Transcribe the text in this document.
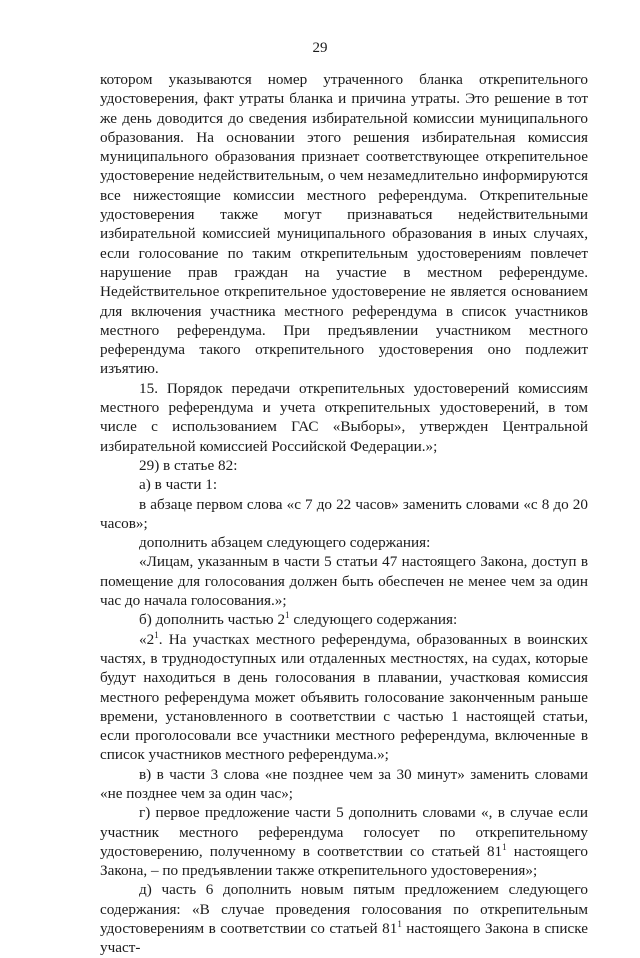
29

котором указываются номер утраченного бланка открепительного удостоверения, факт утраты бланка и причина утраты. Это решение в тот же день доводится до сведения избирательной комиссии муниципального образования. На основании этого решения избирательная комиссия муниципального образования признает соответствующее открепительное удостоверение недействительным, о чем незамедлительно информируются все нижестоящие комиссии местного референдума. Открепительные удостоверения также могут признаваться недействительными избирательной комиссией муниципального образования в иных случаях, если голосование по таким открепительным удостоверениям повлечет нарушение прав граждан на участие в местном референдуме. Недействительное открепительное удостоверение не является основанием для включения участника местного референдума в список участников местного референдума. При предъявлении участником местного референдума такого открепительного удостоверения оно подлежит изъятию.

15. Порядок передачи открепительных удостоверений комиссиям местного референдума и учета открепительных удостоверений, в том числе с использованием ГАС «Выборы», утвержден Центральной избирательной комиссией Российской Федерации.»;

29) в статье 82:

а) в части 1:

в абзаце первом слова «с 7 до 22 часов» заменить словами «с 8 до 20 часов»;

дополнить абзацем следующего содержания:

«Лицам, указанным в части 5 статьи 47 настоящего Закона, доступ в помещение для голосования должен быть обеспечен не менее чем за один час до начала голосования.»;

б) дополнить частью $2^1$ следующего содержания:

«$2^1$. На участках местного референдума, образованных в воинских частях, в труднодоступных или отдаленных местностях, на судах, которые будут находиться в день голосования в плавании, участковая комиссия местного референдума может объявить голосование законченным раньше времени, установленного в соответствии с частью 1 настоящей статьи, если проголосовали все участники местного референдума, включенные в список участников местного референдума.»;

в) в части 3 слова «не позднее чем за 30 минут» заменить словами «не позднее чем за один час»;

г) первое предложение части 5 дополнить словами «, в случае если участник местного референдума голосует по открепительному удостоверению, полученному в соответствии со статьей $81^1$ настоящего Закона, – по предъявлении также открепительного удостоверения»;

д) часть 6 дополнить новым пятым предложением следующего содержания: «В случае проведения голосования по открепительным удостоверениям в соответствии со статьей $81^1$ настоящего Закона в списке участ-
